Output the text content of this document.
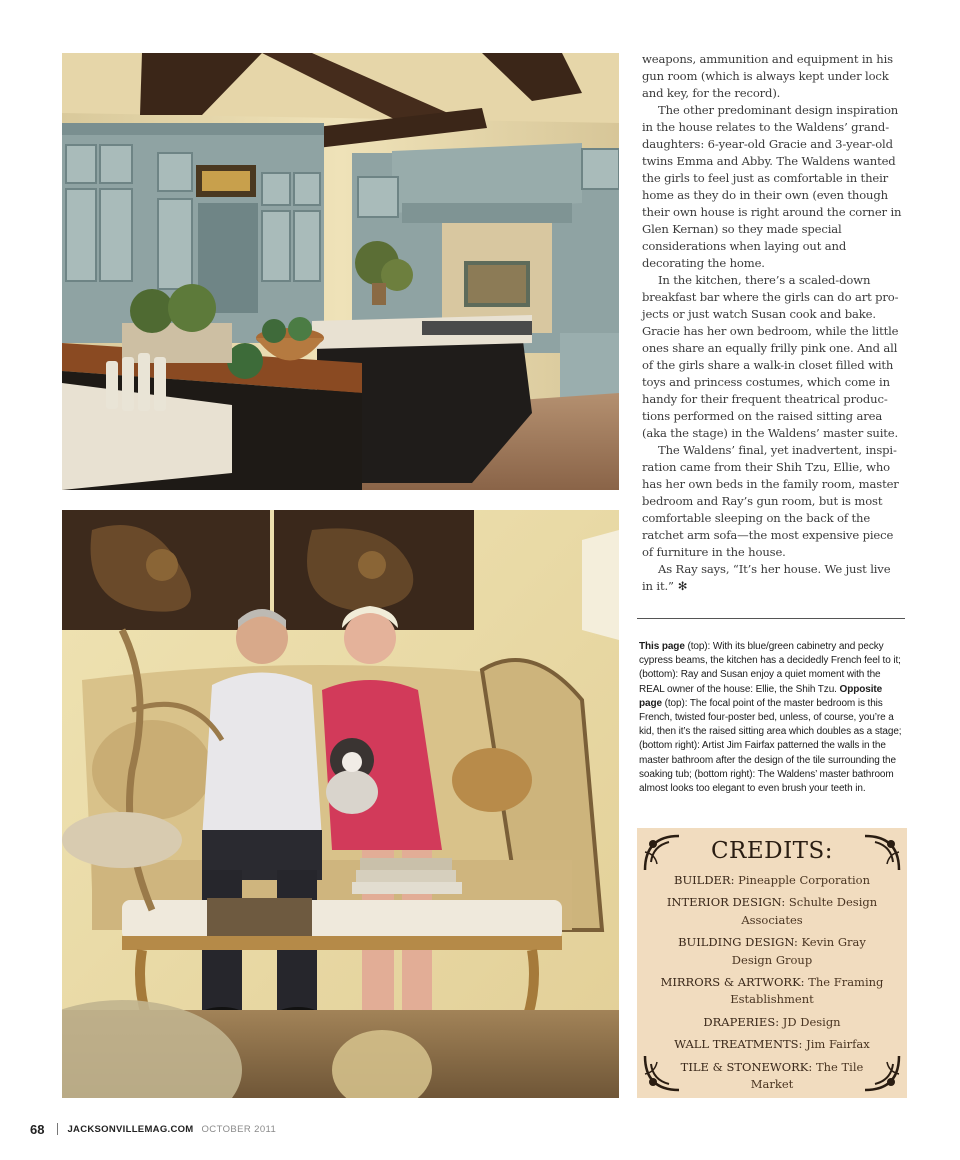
weapons, ammunition and equipment in his gun room (which is always kept under lock and key, for the record).

The other predominant design inspiration in the house relates to the Waldens’ granddaughters: 6-year-old Gracie and 3-year-old twins Emma and Abby. The Waldens wanted the girls to feel just as comfortable in their home as they do in their own (even though their own house is right around the corner in Glen Kernan) so they made special considerations when laying out and decorating the home.

In the kitchen, there’s a scaled-down breakfast bar where the girls can do art projects or just watch Susan cook and bake. Gracie has her own bedroom, while the little ones share an equally frilly pink one. And all of the girls share a walk-in closet filled with toys and princess costumes, which come in handy for their frequent theatrical productions performed on the raised sitting area (aka the stage) in the Waldens’ master suite.

The Waldens’ final, yet inadvertent, inspiration came from their Shih Tzu, Ellie, who has her own beds in the family room, master bedroom and Ray’s gun room, but is most comfortable sleeping on the back of the ratchet arm sofa—the most expensive piece of furniture in the house.

As Ray says, “It’s her house. We just live in it.” ✻

This page (top): With its blue/green cabinetry and pecky cypress beams, the kitchen has a decidedly French feel to it; (bottom): Ray and Susan enjoy a quiet moment with the REAL owner of the house: Ellie, the Shih Tzu. Opposite page (top): The focal point of the master bedroom is this French, twisted four-poster bed, unless, of course, you’re a kid, then it’s the raised sitting area which doubles as a stage; (bottom right): Artist Jim Fairfax patterned the walls in the master bathroom after the design of the tile surrounding the soaking tub; (bottom right): The Waldens’ master bathroom almost looks too elegant to even brush your teeth in.
CREDITS:
BUILDER: Pineapple Corporation
INTERIOR DESIGN: Schulte Design Associates
BUILDING DESIGN: Kevin Gray Design Group
MIRRORS & ARTWORK: The Framing Establishment
DRAPERIES: JD Design
WALL TREATMENTS: Jim Fairfax
TILE & STONEWORK: The Tile Market
68 JACKSONVILLEMAG.COM OCTOBER 2011
